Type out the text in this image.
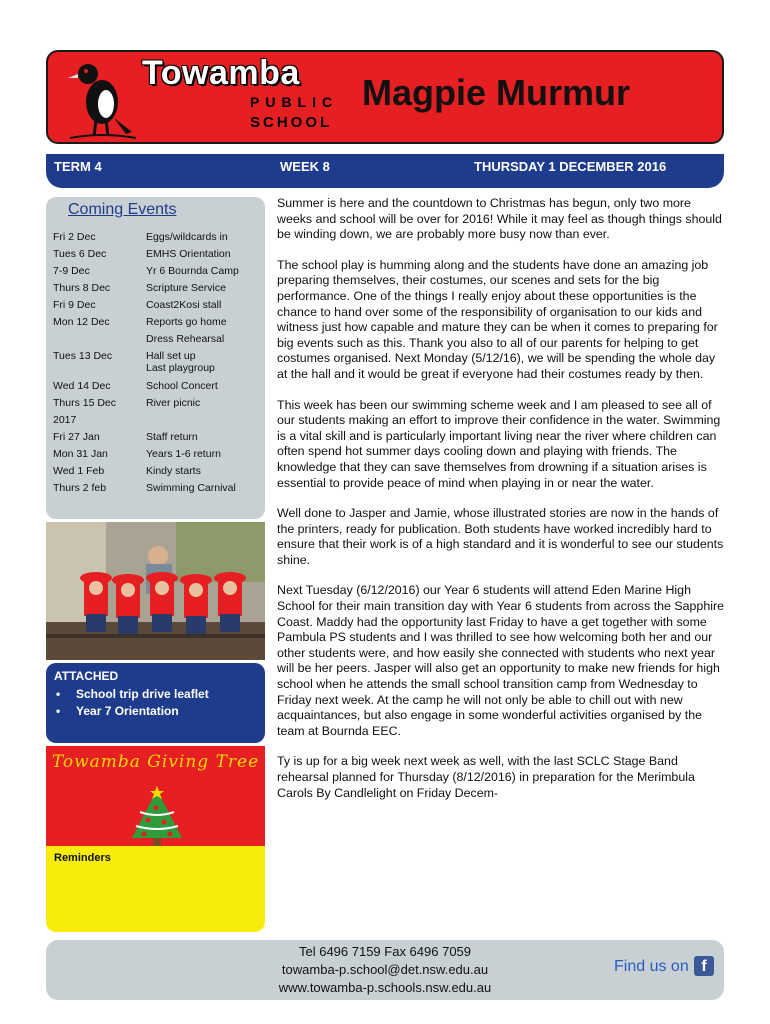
Towamba
PUBLIC
SCHOOL
Magpie Murmur
TERM 4	WEEK 8	THURSDAY 1 DECEMBER 2016
Coming Events
Fri 2 Dec	Eggs/wildcards in
Tues 6 Dec	EMHS Orientation
7-9 Dec	Yr 6 Bournda Camp
Thurs 8 Dec	Scripture Service
Fri 9 Dec	Coast2Kosi stall
Mon 12 Dec	Reports go home
Dress Rehearsal
Tues 13 Dec	Hall set up
Last playgroup
Wed 14 Dec	School Concert
Thurs 15 Dec	River picnic
2017
Fri 27 Jan	Staff return
Mon 31 Jan	Years 1-6 return
Wed 1 Feb	Kindy starts
Thurs 2 feb	Swimming Carnival
ATTACHED
• School trip drive leaflet
• Year 7 Orientation
Towamba Giving Tree
Reminders

Summer is here and the countdown to Christmas has begun, only two more weeks and school will be over for 2016! While it may feel as though things should be winding down, we are probably more busy now than ever.

The school play is humming along and the students have done an amazing job preparing themselves, their costumes, our scenes and sets for the big performance. One of the things I really enjoy about these opportunities is the chance to hand over some of the responsibility of organisation to our kids and witness just how capable and mature they can be when it comes to preparing for big events such as this. Thank you also to all of our parents for helping to get costumes organised. Next Monday (5/12/16), we will be spending the whole day at the hall and it would be great if everyone had their costumes ready by then.

This week has been our swimming scheme week and I am pleased to see all of our students making an effort to improve their confidence in the water. Swimming is a vital skill and is particularly important living near the river where children can often spend hot summer days cooling down and playing with friends. The knowledge that they can save themselves from drowning if a situation arises is essential to provide peace of mind when playing in or near the water.

Well done to Jasper and Jamie, whose illustrated stories are now in the hands of the printers, ready for publication. Both students have worked incredibly hard to ensure that their work is of a high standard and it is wonderful to see our students shine.

Next Tuesday (6/12/2016) our Year 6 students will attend Eden Marine High School for their main transition day with Year 6 students from across the Sapphire Coast. Maddy had the opportunity last Friday to have a get together with some Pambula PS students and I was thrilled to see how welcoming both her and our other students were, and how easily she connected with students who next year will be her peers. Jasper will also get an opportunity to make new friends for high school when he attends the small school transition camp from Wednesday to Friday next week. At the camp he will not only be able to chill out with new acquaintances, but also engage in some wonderful activities organised by the team at Bournda EEC.

Ty is up for a big week next week as well, with the last SCLC Stage Band rehearsal planned for Thursday (8/12/2016) in preparation for the Merimbula Carols By Candlelight on Friday Decem-

Tel 6496 7159 Fax 6496 7059
towamba-p.school@det.nsw.edu.au
www.towamba-p.schools.nsw.edu.au
Find us on f
